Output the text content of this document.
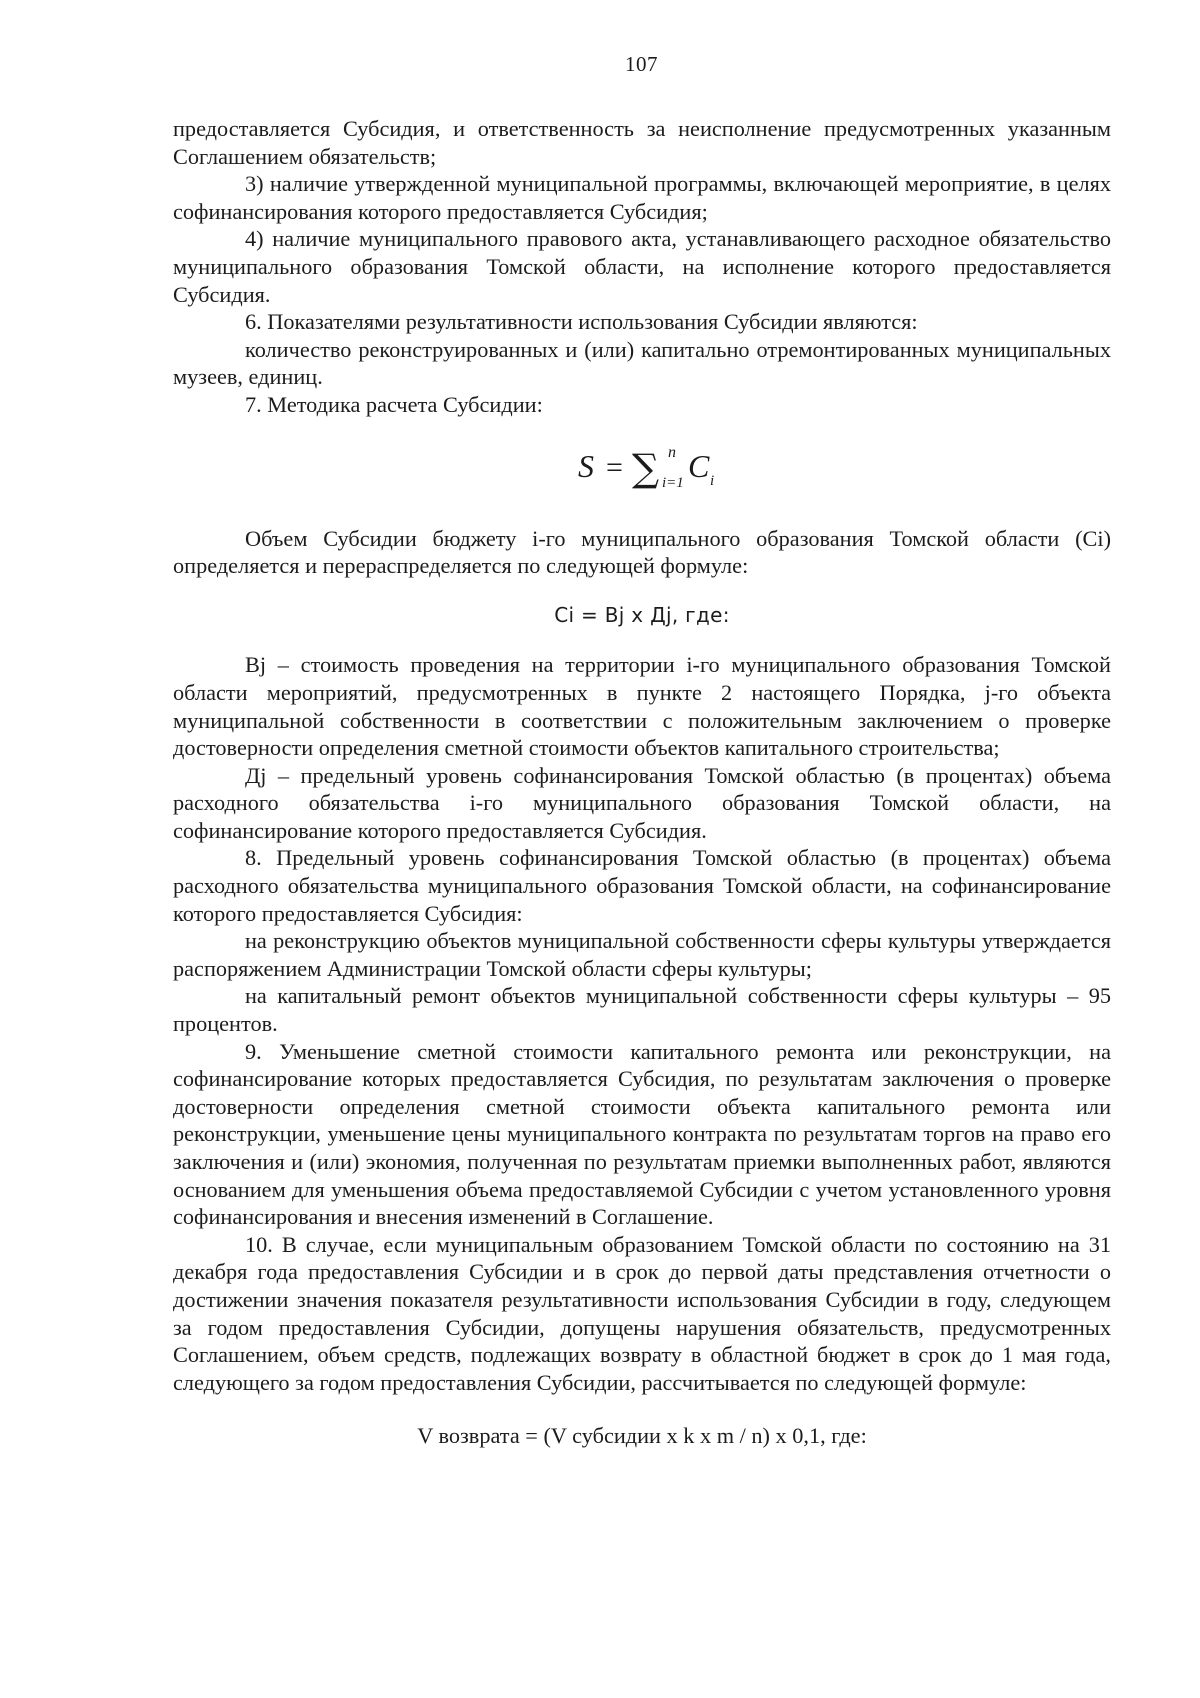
107

предоставляется Субсидия, и ответственность за неисполнение предусмотренных указанным Соглашением обязательств;

3) наличие утвержденной муниципальной программы, включающей мероприятие, в целях софинансирования которого предоставляется Субсидия;

4) наличие муниципального правового акта, устанавливающего расходное обязательство муниципального образования Томской области, на исполнение которого предоставляется Субсидия.

6. Показателями результативности использования Субсидии являются:

количество реконструированных и (или) капитально отремонтированных муниципальных музеев, единиц.

7. Методика расчета Субсидии:

S = ∑ n
i=1 C i

Объем Субсидии бюджету i-го муниципального образования Томской области (Ci) определяется и перераспределяется по следующей формуле:

Ci = Bj х Дj, где:

Bj – стоимость проведения на территории i-го муниципального образования Томской области мероприятий, предусмотренных в пункте 2 настоящего Порядка, j-го объекта муниципальной собственности в соответствии с положительным заключением о проверке достоверности определения сметной стоимости объектов капитального строительства;

Дj – предельный уровень софинансирования Томской областью (в процентах) объема расходного обязательства i-го муниципального образования Томской области, на софинансирование которого предоставляется Субсидия.

8. Предельный уровень софинансирования Томской областью (в процентах) объема расходного обязательства муниципального образования Томской области, на софинансирование которого предоставляется Субсидия:

на реконструкцию объектов муниципальной собственности сферы культуры утверждается распоряжением Администрации Томской области сферы культуры;

на капитальный ремонт объектов муниципальной собственности сферы культуры – 95 процентов.

9. Уменьшение сметной стоимости капитального ремонта или реконструкции, на софинансирование которых предоставляется Субсидия, по результатам заключения о проверке достоверности определения сметной стоимости объекта капитального ремонта или реконструкции, уменьшение цены муниципального контракта по результатам торгов на право его заключения и (или) экономия, полученная по результатам приемки выполненных работ, являются основанием для уменьшения объема предоставляемой Субсидии с учетом установленного уровня софинансирования и внесения изменений в Соглашение.

10. В случае, если муниципальным образованием Томской области по состоянию на 31 декабря года предоставления Субсидии и в срок до первой даты представления отчетности о достижении значения показателя результативности использования Субсидии в году, следующем за годом предоставления Субсидии, допущены нарушения обязательств, предусмотренных Соглашением, объем средств, подлежащих возврату в областной бюджет в срок до 1 мая года, следующего за годом предоставления Субсидии, рассчитывается по следующей формуле:

V возврата = (V субсидии х k х m / n) х 0,1, где:
